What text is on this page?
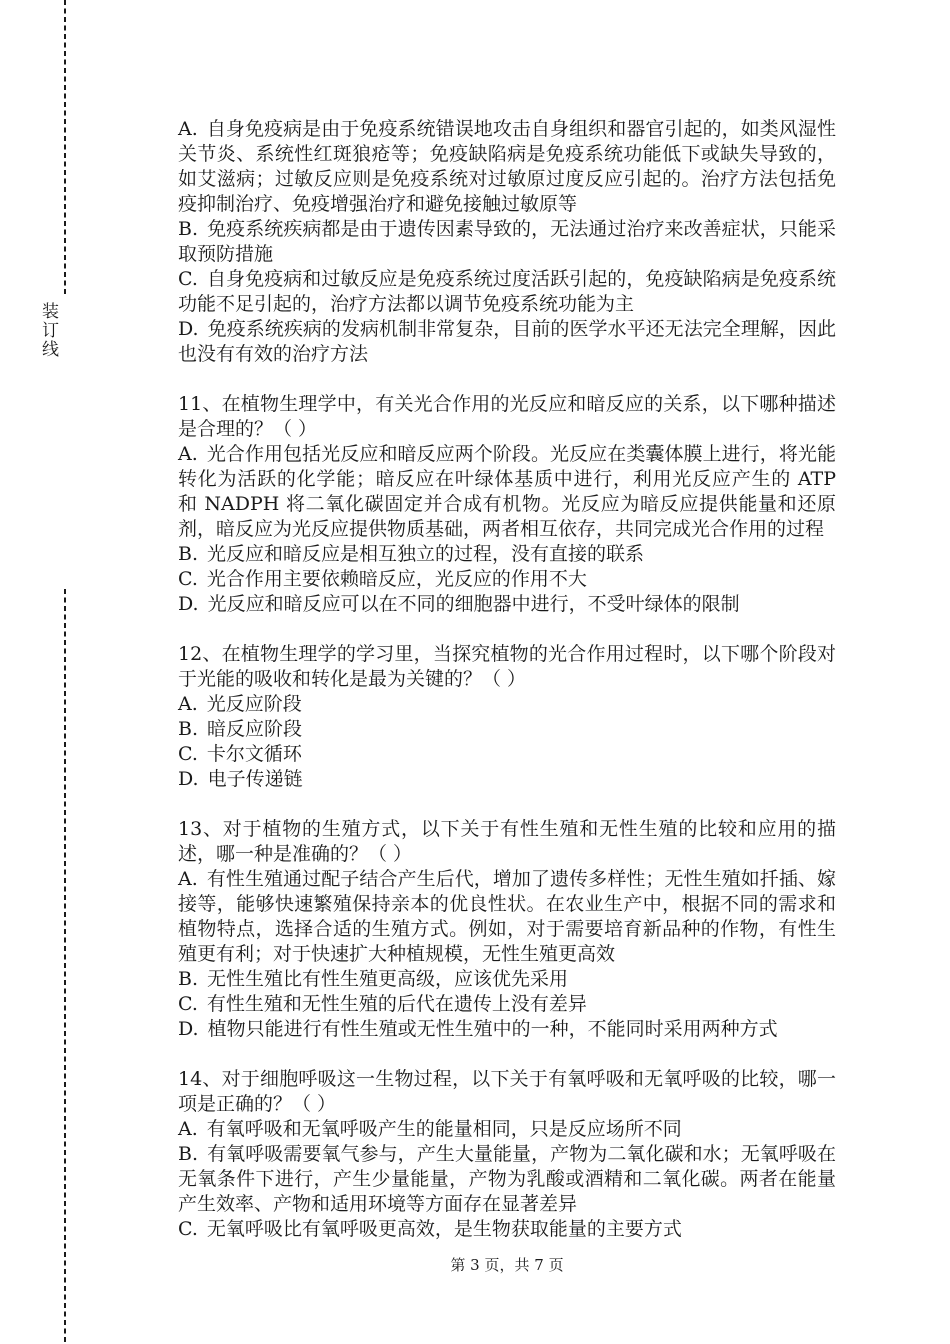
装订线

A. 自身免疫病是由于免疫系统错误地攻击自身组织和器官引起的，如类风湿性关节炎、系统性红斑狼疮等；免疫缺陷病是免疫系统功能低下或缺失导致的，如艾滋病；过敏反应则是免疫系统对过敏原过度反应引起的。治疗方法包括免疫抑制治疗、免疫增强治疗和避免接触过敏原等

B. 免疫系统疾病都是由于遗传因素导致的，无法通过治疗来改善症状，只能采取预防措施

C. 自身免疫病和过敏反应是免疫系统过度活跃引起的，免疫缺陷病是免疫系统功能不足引起的，治疗方法都以调节免疫系统功能为主

D. 免疫系统疾病的发病机制非常复杂，目前的医学水平还无法完全理解，因此也没有有效的治疗方法

11、在植物生理学中，有关光合作用的光反应和暗反应的关系，以下哪种描述是合理的？（ ）

A. 光合作用包括光反应和暗反应两个阶段。光反应在类囊体膜上进行，将光能转化为活跃的化学能；暗反应在叶绿体基质中进行，利用光反应产生的 ATP 和 NADPH 将二氧化碳固定并合成有机物。光反应为暗反应提供能量和还原剂，暗反应为光反应提供物质基础，两者相互依存，共同完成光合作用的过程

B. 光反应和暗反应是相互独立的过程，没有直接的联系

C. 光合作用主要依赖暗反应，光反应的作用不大

D. 光反应和暗反应可以在不同的细胞器中进行，不受叶绿体的限制

12、在植物生理学的学习里，当探究植物的光合作用过程时，以下哪个阶段对于光能的吸收和转化是最为关键的？（ ）

A. 光反应阶段

B. 暗反应阶段

C. 卡尔文循环

D. 电子传递链

13、对于植物的生殖方式，以下关于有性生殖和无性生殖的比较和应用的描述，哪一种是准确的？（ ）

A. 有性生殖通过配子结合产生后代，增加了遗传多样性；无性生殖如扦插、嫁接等，能够快速繁殖保持亲本的优良性状。在农业生产中，根据不同的需求和植物特点，选择合适的生殖方式。例如，对于需要培育新品种的作物，有性生殖更有利；对于快速扩大种植规模，无性生殖更高效

B. 无性生殖比有性生殖更高级，应该优先采用

C. 有性生殖和无性生殖的后代在遗传上没有差异

D. 植物只能进行有性生殖或无性生殖中的一种，不能同时采用两种方式

14、对于细胞呼吸这一生物过程，以下关于有氧呼吸和无氧呼吸的比较，哪一项是正确的？（ ）

A. 有氧呼吸和无氧呼吸产生的能量相同，只是反应场所不同

B. 有氧呼吸需要氧气参与，产生大量能量，产物为二氧化碳和水；无氧呼吸在无氧条件下进行，产生少量能量，产物为乳酸或酒精和二氧化碳。两者在能量产生效率、产物和适用环境等方面存在显著差异

C. 无氧呼吸比有氧呼吸更高效，是生物获取能量的主要方式

第 3 页，共 7 页
